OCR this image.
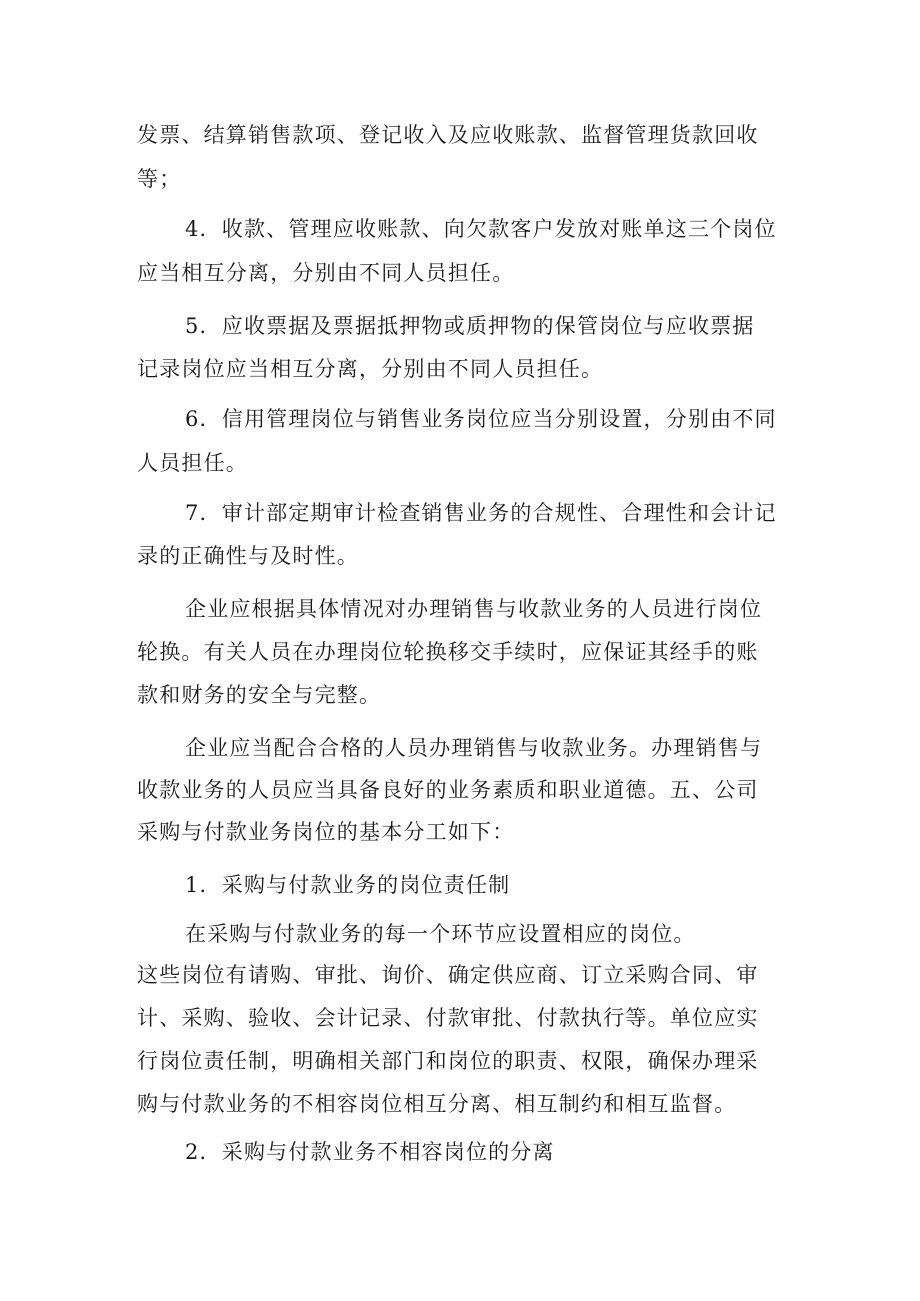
发票、结算销售款项、登记收入及应收账款、监督管理货款回收
等；
4．收款、管理应收账款、向欠款客户发放对账单这三个岗位
应当相互分离，分别由不同人员担任。
5．应收票据及票据抵押物或质押物的保管岗位与应收票据
记录岗位应当相互分离，分别由不同人员担任。
6．信用管理岗位与销售业务岗位应当分别设置，分别由不同
人员担任。
7．审计部定期审计检查销售业务的合规性、合理性和会计记
录的正确性与及时性。
企业应根据具体情况对办理销售与收款业务的人员进行岗位
轮换。有关人员在办理岗位轮换移交手续时，应保证其经手的账
款和财务的安全与完整。
企业应当配合合格的人员办理销售与收款业务。办理销售与
收款业务的人员应当具备良好的业务素质和职业道德。五、公司
采购与付款业务岗位的基本分工如下：
1．采购与付款业务的岗位责任制
在采购与付款业务的每一个环节应设置相应的岗位。
这些岗位有请购、审批、询价、确定供应商、订立采购合同、审
计、采购、验收、会计记录、付款审批、付款执行等。单位应实
行岗位责任制，明确相关部门和岗位的职责、权限，确保办理采
购与付款业务的不相容岗位相互分离、相互制约和相互监督。
2．采购与付款业务不相容岗位的分离
